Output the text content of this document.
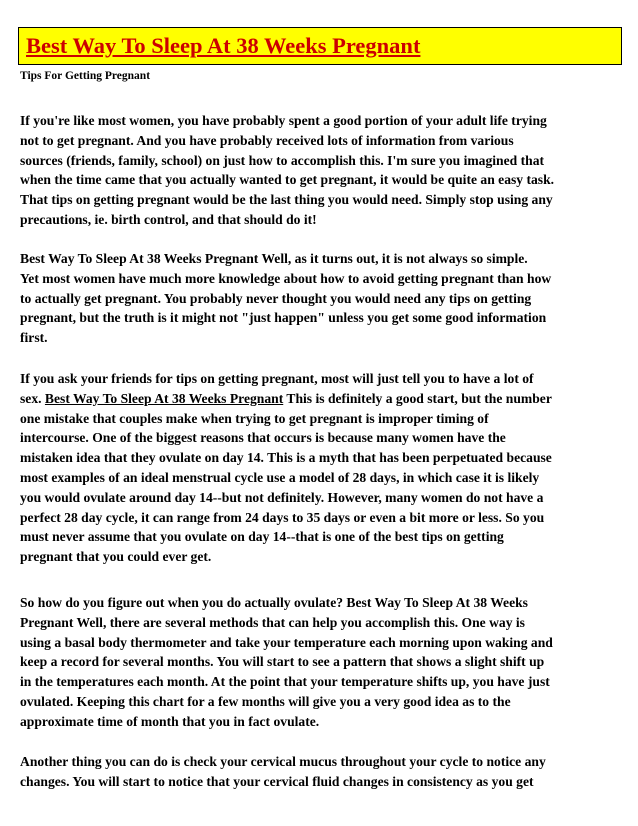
Best Way To Sleep At 38 Weeks Pregnant

Tips For Getting Pregnant

If you're like most women, you have probably spent a good portion of your adult life trying
not to get pregnant. And you have probably received lots of information from various
sources (friends, family, school) on just how to accomplish this. I'm sure you imagined that
when the time came that you actually wanted to get pregnant, it would be quite an easy task.
That tips on getting pregnant would be the last thing you would need. Simply stop using any
precautions, ie. birth control, and that should do it!

Best Way To Sleep At 38 Weeks Pregnant Well, as it turns out, it is not always so simple.
Yet most women have much more knowledge about how to avoid getting pregnant than how
to actually get pregnant. You probably never thought you would need any tips on getting
pregnant, but the truth is it might not "just happen" unless you get some good information
first.

If you ask your friends for tips on getting pregnant, most will just tell you to have a lot of
sex. Best Way To Sleep At 38 Weeks Pregnant This is definitely a good start, but the number
one mistake that couples make when trying to get pregnant is improper timing of
intercourse. One of the biggest reasons that occurs is because many women have the
mistaken idea that they ovulate on day 14. This is a myth that has been perpetuated because
most examples of an ideal menstrual cycle use a model of 28 days, in which case it is likely
you would ovulate around day 14--but not definitely. However, many women do not have a
perfect 28 day cycle, it can range from 24 days to 35 days or even a bit more or less. So you
must never assume that you ovulate on day 14--that is one of the best tips on getting
pregnant that you could ever get.

So how do you figure out when you do actually ovulate? Best Way To Sleep At 38 Weeks
Pregnant Well, there are several methods that can help you accomplish this. One way is
using a basal body thermometer and take your temperature each morning upon waking and
keep a record for several months. You will start to see a pattern that shows a slight shift up
in the temperatures each month. At the point that your temperature shifts up, you have just
ovulated. Keeping this chart for a few months will give you a very good idea as to the
approximate time of month that you in fact ovulate.

Another thing you can do is check your cervical mucus throughout your cycle to notice any
changes. You will start to notice that your cervical fluid changes in consistency as you get
